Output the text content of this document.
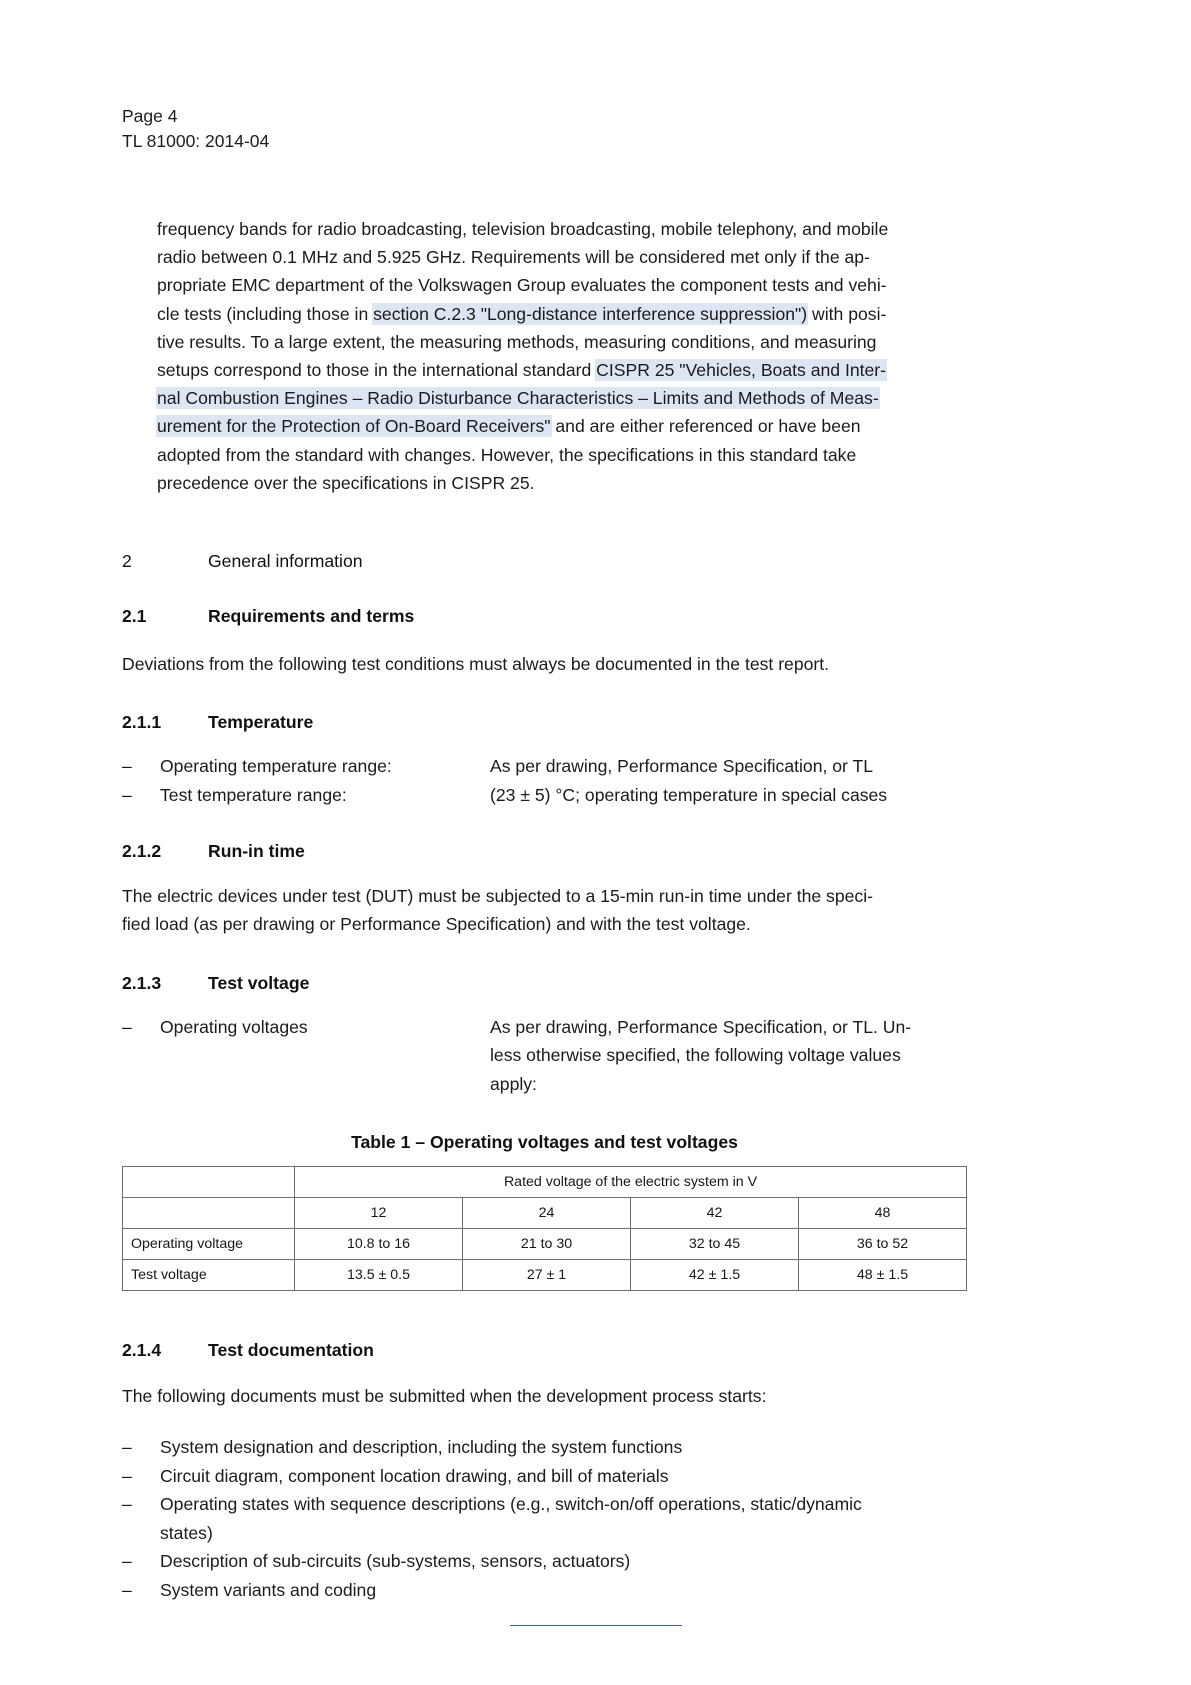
Page 4
TL 81000: 2014-04
frequency bands for radio broadcasting, television broadcasting, mobile telephony, and mobile
radio between 0.1 MHz and 5.925 GHz. Requirements will be considered met only if the ap-
propriate EMC department of the Volkswagen Group evaluates the component tests and vehi-
cle tests (including those in section C.2.3 "Long-distance interference suppression") with posi-
tive results. To a large extent, the measuring methods, measuring conditions, and measuring
setups correspond to those in the international standard CISPR 25 "Vehicles, Boats and Inter-
nal Combustion Engines – Radio Disturbance Characteristics – Limits and Methods of Meas-
urement for the Protection of On-Board Receivers" and are either referenced or have been
adopted from the standard with changes. However, the specifications in this standard take
precedence over the specifications in CISPR 25.
2	General information
2.1	Requirements and terms
Deviations from the following test conditions must always be documented in the test report.
2.1.1	Temperature
–	Operating temperature range:	As per drawing, Performance Specification, or TL
–	Test temperature range:	(23 ± 5) °C; operating temperature in special cases
2.1.2	Run-in time
The electric devices under test (DUT) must be subjected to a 15-min run-in time under the speci-
fied load (as per drawing or Performance Specification) and with the test voltage.
2.1.3	Test voltage
–	Operating voltages	As per drawing, Performance Specification, or TL. Un-
less otherwise specified, the following voltage values
apply:
Table 1 – Operating voltages and test voltages
	Rated voltage of the electric system in V			
	12	24	42	48
Operating voltage	10.8 to 16	21 to 30	32 to 45	36 to 52
Test voltage	13.5 ± 0.5	27 ± 1	42 ± 1.5	48 ± 1.5
2.1.4	Test documentation
The following documents must be submitted when the development process starts:
–	System designation and description, including the system functions
–	Circuit diagram, component location drawing, and bill of materials
–	Operating states with sequence descriptions (e.g., switch-on/off operations, static/dynamic
states)
–	Description of sub-circuits (sub-systems, sensors, actuators)
–	System variants and coding
